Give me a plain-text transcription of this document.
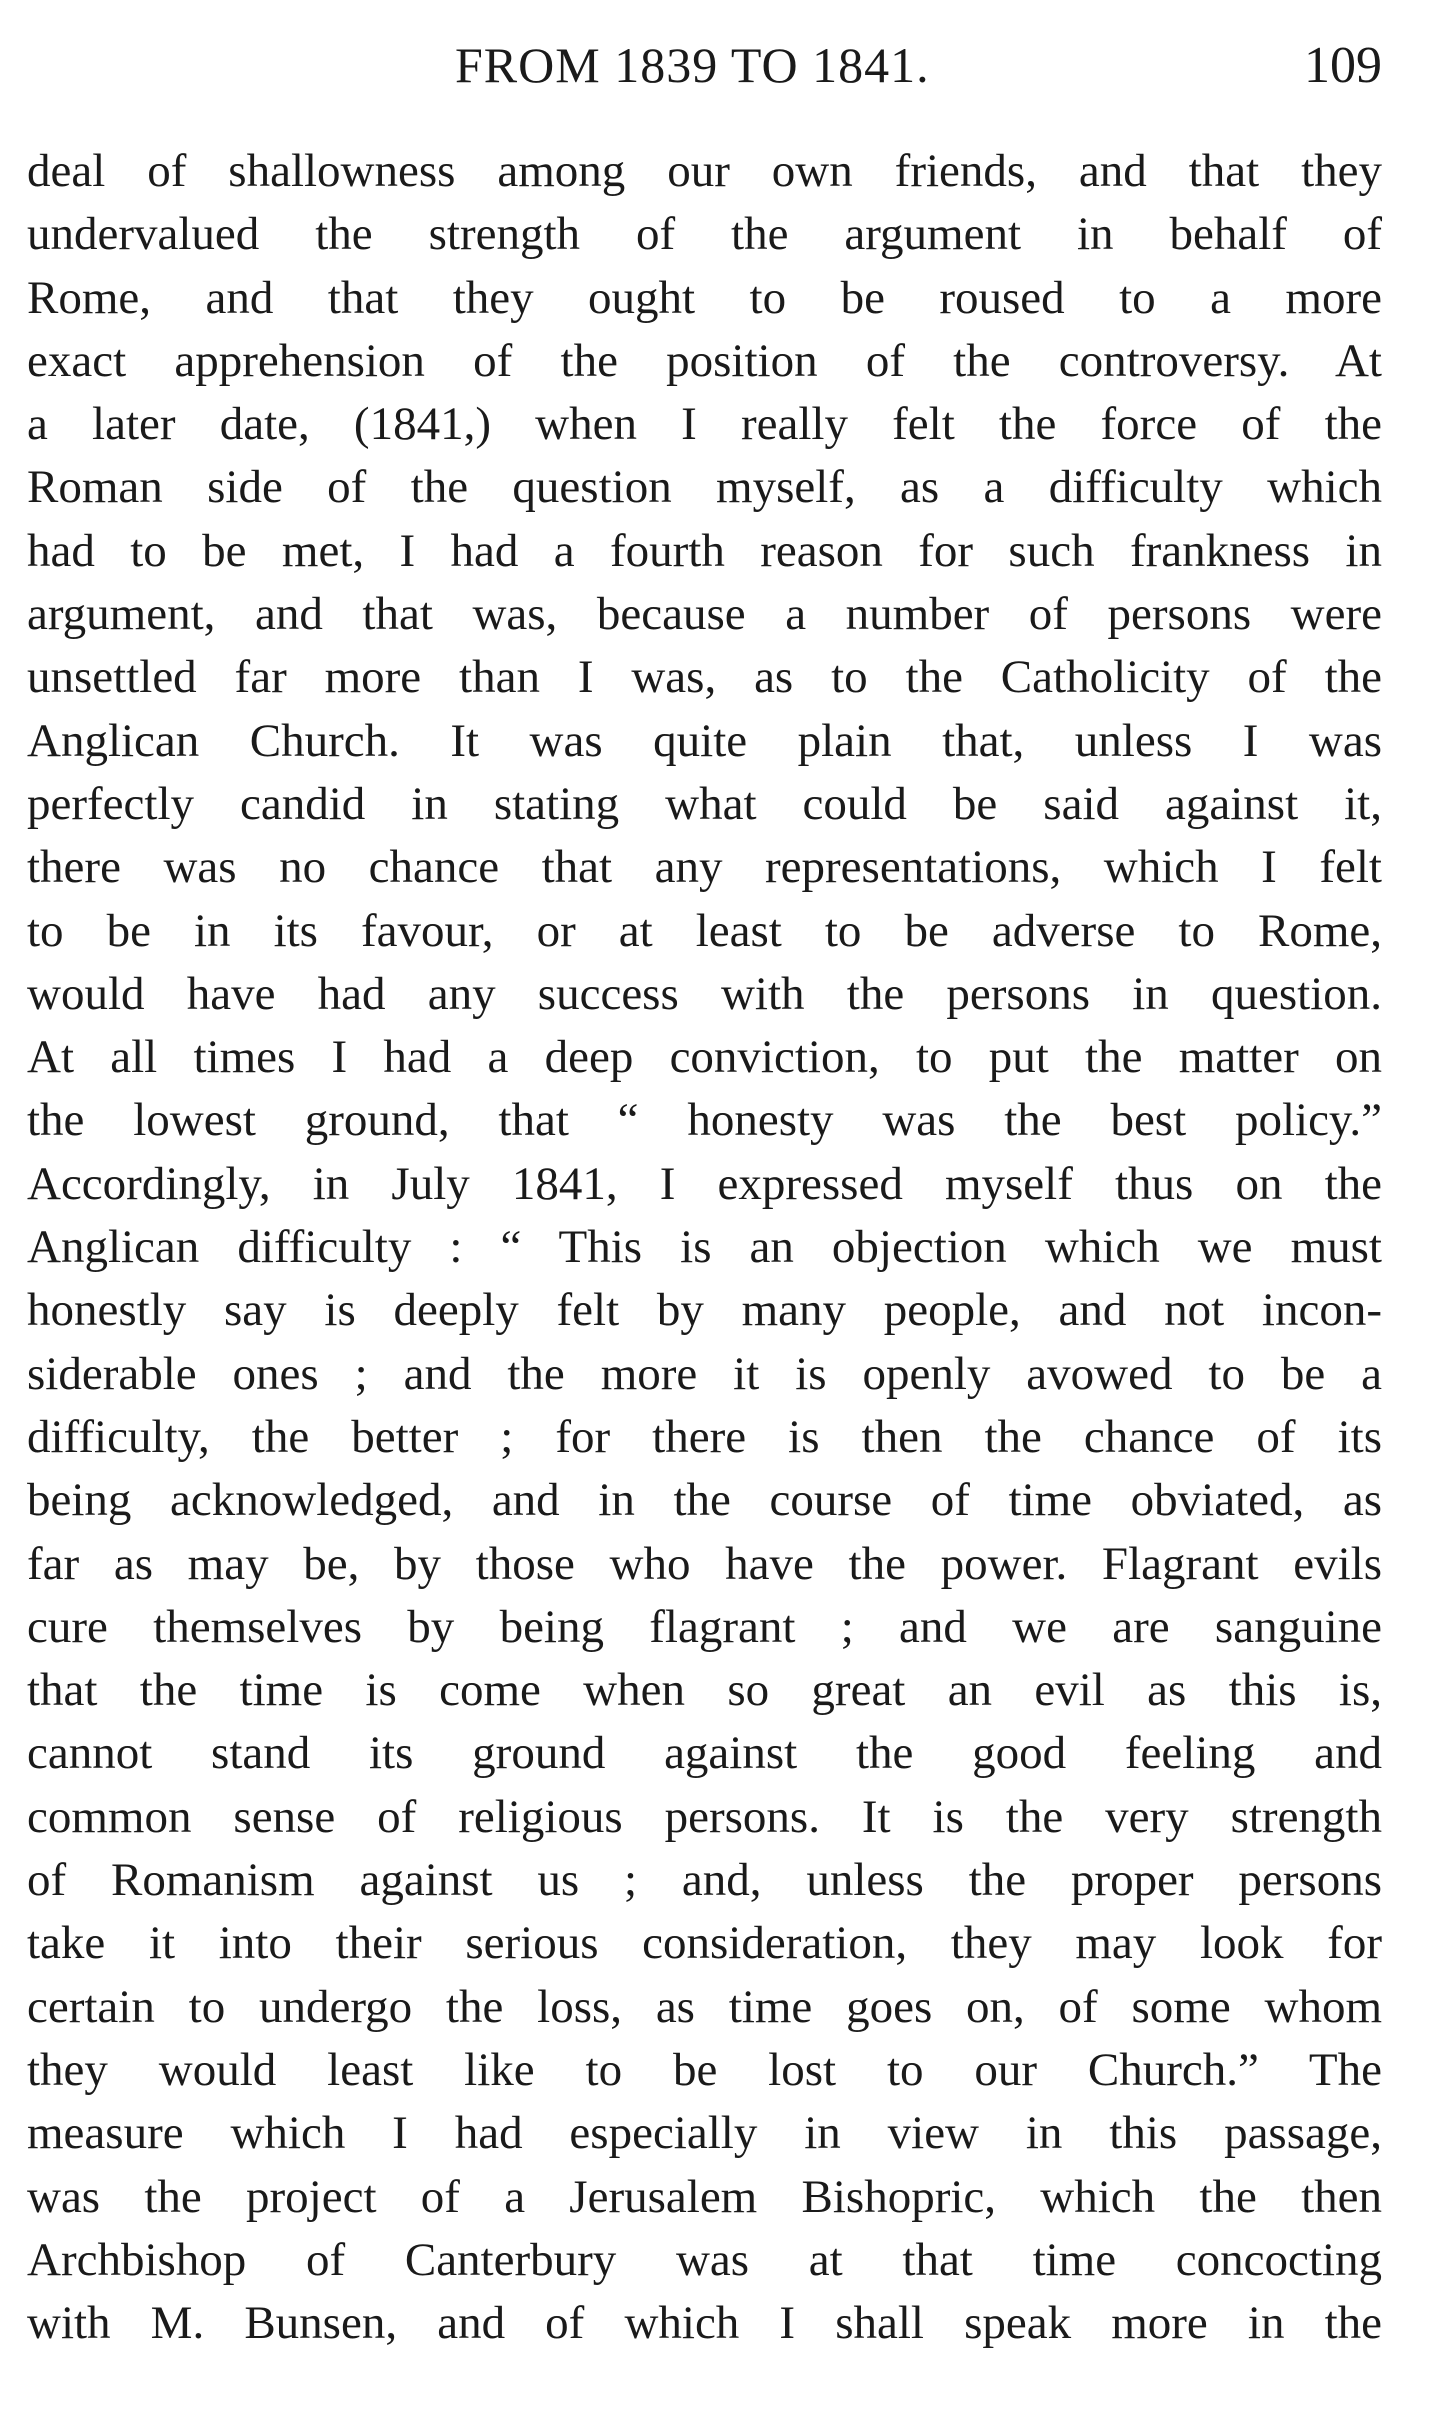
FROM 1839 TO 1841.	109
deal of shallowness among our own friends, and that they
undervalued the strength of the argument in behalf of
Rome, and that they ought to be roused to a more
exact apprehension of the position of the controversy. At
a later date, (1841,) when I really felt the force of the
Roman side of the question myself, as a difficulty which
had to be met, I had a fourth reason for such frankness in
argument, and that was, because a number of persons were
unsettled far more than I was, as to the Catholicity of the
Anglican Church. It was quite plain that, unless I was
perfectly candid in stating what could be said against it,
there was no chance that any representations, which I felt
to be in its favour, or at least to be adverse to Rome,
would have had any success with the persons in question.
At all times I had a deep conviction, to put the matter on
the lowest ground, that “ honesty was the best policy.”
Accordingly, in July 1841, I expressed myself thus on the
Anglican difficulty : “ This is an objection which we must
honestly say is deeply felt by many people, and not incon-
siderable ones ; and the more it is openly avowed to be a
difficulty, the better ; for there is then the chance of its
being acknowledged, and in the course of time obviated, as
far as may be, by those who have the power. Flagrant evils
cure themselves by being flagrant ; and we are sanguine
that the time is come when so great an evil as this is,
cannot stand its ground against the good feeling and
common sense of religious persons. It is the very strength
of Romanism against us ; and, unless the proper persons
take it into their serious consideration, they may look for
certain to undergo the loss, as time goes on, of some whom
they would least like to be lost to our Church.” The
measure which I had especially in view in this passage,
was the project of a Jerusalem Bishopric, which the then
Archbishop of Canterbury was at that time concocting
with M. Bunsen, and of which I shall speak more in the
